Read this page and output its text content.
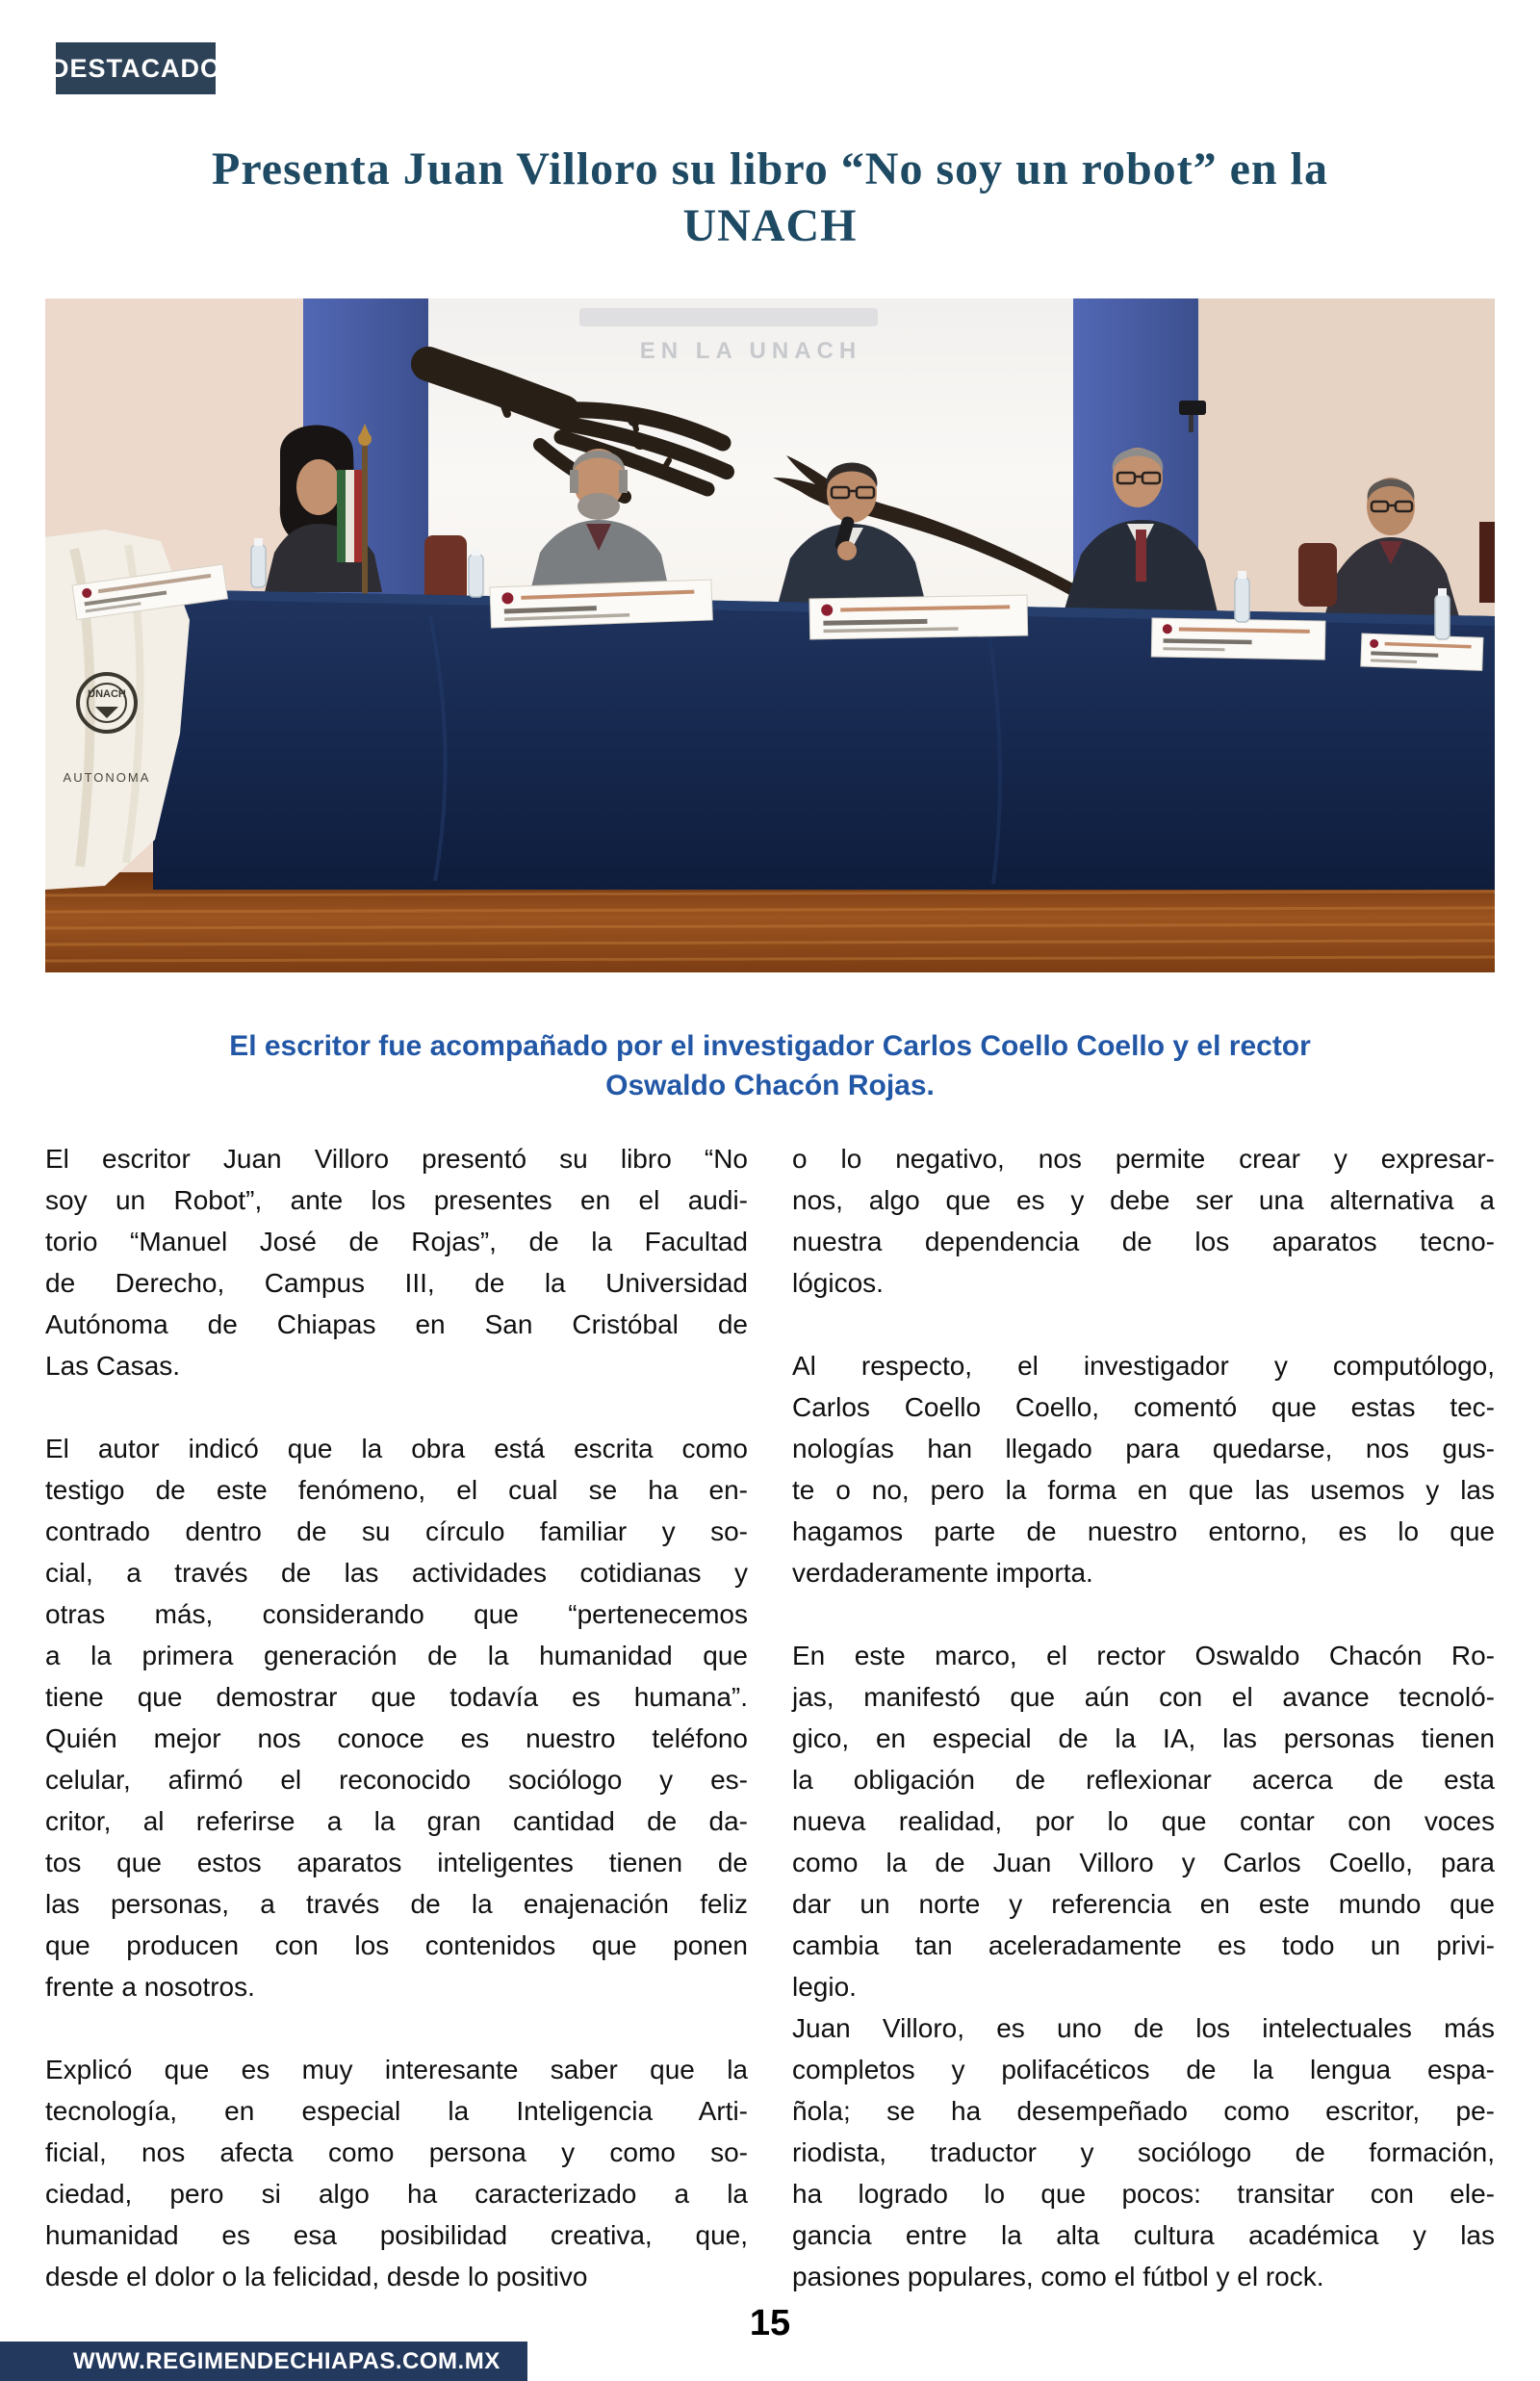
DESTACADO
Presenta Juan Villoro su libro “No soy un robot” en la
UNACH
EN LA UNACH
UNACH
AUTONOMA
El escritor fue acompañado por el investigador Carlos Coello Coello y el rector
Oswaldo Chacón Rojas.
El escritor Juan Villoro presentó su libro “No
soy un Robot”, ante los presentes en el audi-
torio “Manuel José de Rojas”, de la Facultad
de Derecho, Campus III, de la Universidad
Autónoma de Chiapas en San Cristóbal de
Las Casas.
El autor indicó que la obra está escrita como
testigo de este fenómeno, el cual se ha en-
contrado dentro de su círculo familiar y so-
cial, a través de las actividades cotidianas y
otras más, considerando que “pertenecemos
a la primera generación de la humanidad que
tiene que demostrar que todavía es humana”.
Quién mejor nos conoce es nuestro teléfono
celular, afirmó el reconocido sociólogo y es-
critor, al referirse a la gran cantidad de da-
tos que estos aparatos inteligentes tienen de
las personas, a través de la enajenación feliz
que producen con los contenidos que ponen
frente a nosotros.
Explicó que es muy interesante saber que la
tecnología, en especial la Inteligencia Arti-
ficial, nos afecta como persona y como so-
ciedad, pero si algo ha caracterizado a la
humanidad es esa posibilidad creativa, que,
desde el dolor o la felicidad, desde lo positivo
o lo negativo, nos permite crear y expresar-
nos, algo que es y debe ser una alternativa a
nuestra dependencia de los aparatos tecno-
lógicos.
Al respecto, el investigador y computólogo,
Carlos Coello Coello, comentó que estas tec-
nologías han llegado para quedarse, nos gus-
te o no, pero la forma en que las usemos y las
hagamos parte de nuestro entorno, es lo que
verdaderamente importa.
En este marco, el rector Oswaldo Chacón Ro-
jas, manifestó que aún con el avance tecnoló-
gico, en especial de la IA, las personas tienen
la obligación de reflexionar acerca de esta
nueva realidad, por lo que contar con voces
como la de Juan Villoro y Carlos Coello, para
dar un norte y referencia en este mundo que
cambia tan aceleradamente es todo un privi-
legio.
Juan Villoro, es uno de los intelectuales más
completos y polifacéticos de la lengua espa-
ñola; se ha desempeñado como escritor, pe-
riodista, traductor y sociólogo de formación,
ha logrado lo que pocos: transitar con ele-
gancia entre la alta cultura académica y las
pasiones populares, como el fútbol y el rock.
15
WWW.REGIMENDECHIAPAS.COM.MX
